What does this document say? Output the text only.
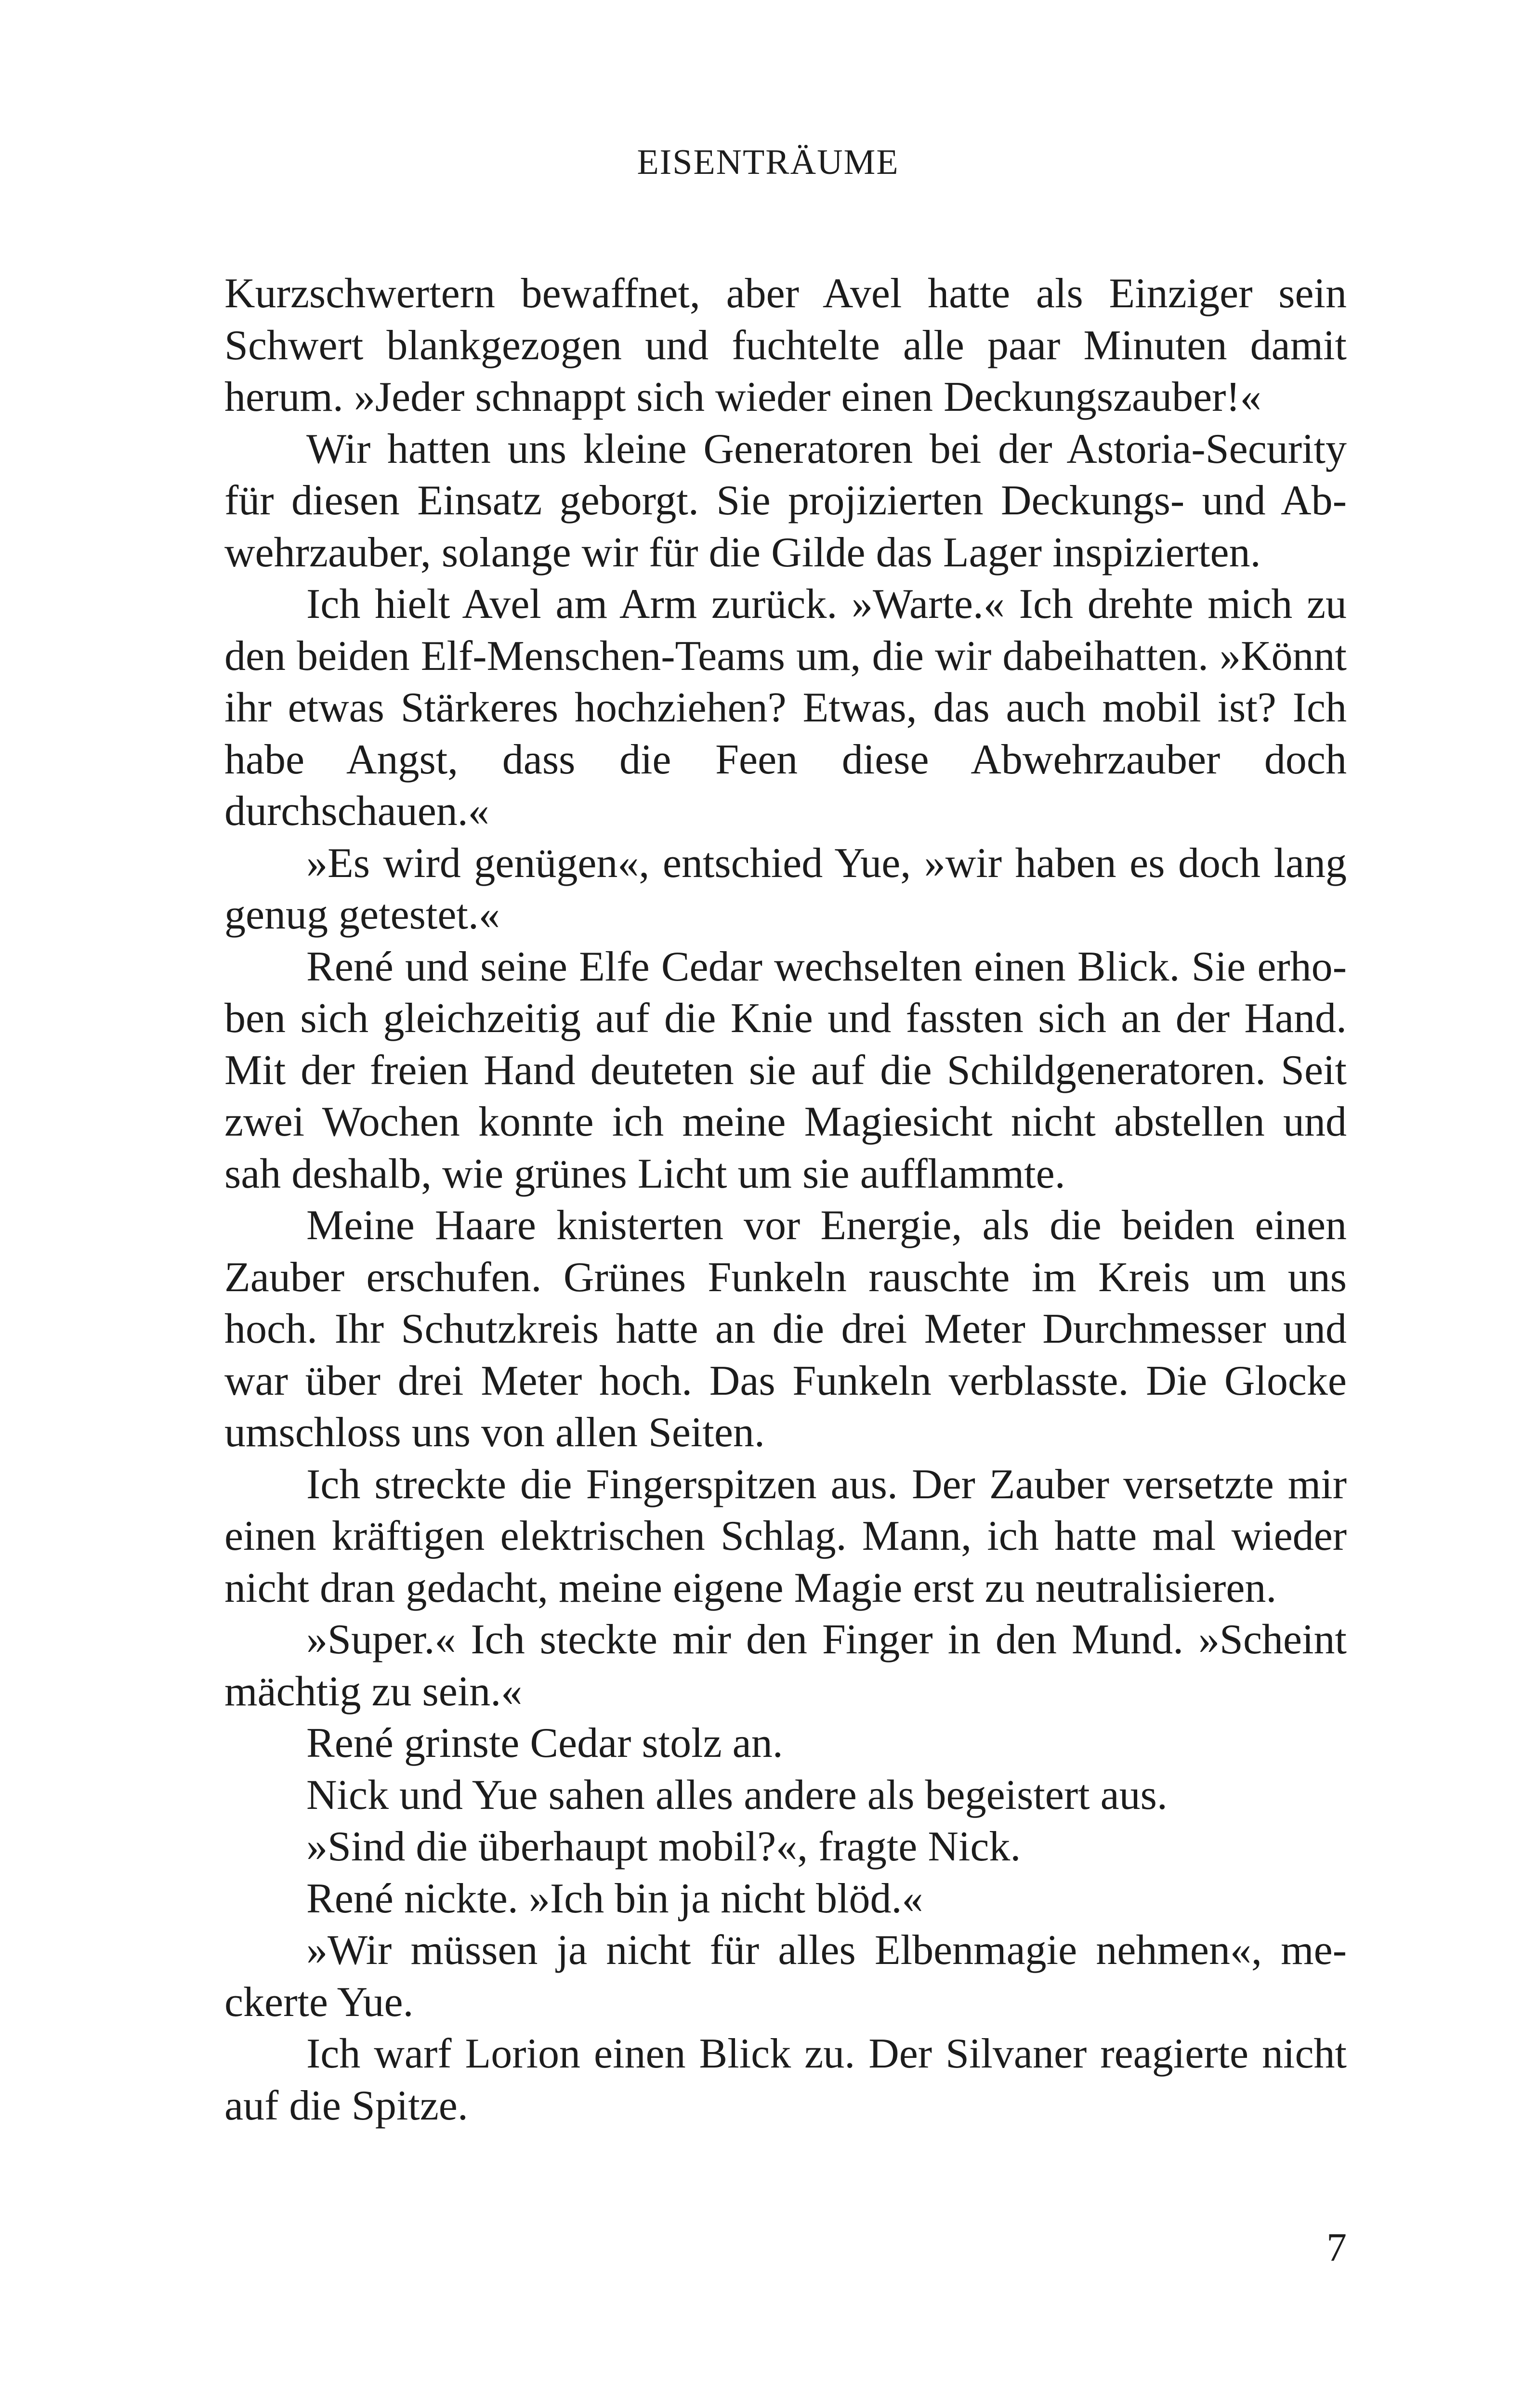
EISENTRÄUME

Kurzschwertern bewaffnet, aber Avel hatte als Einziger sein Schwert blankgezogen und fuchtelte alle paar Minuten damit herum. »Jeder schnappt sich wieder einen Deckungszauber!«

Wir hatten uns kleine Generatoren bei der Astoria-Security für diesen Einsatz geborgt. Sie projizierten Deckungs- und Abwehrzauber, solange wir für die Gilde das Lager inspizierten.

Ich hielt Avel am Arm zurück. »Warte.« Ich drehte mich zu den beiden Elf-Menschen-Teams um, die wir dabeihatten. »Könnt ihr etwas Stärkeres hochziehen? Etwas, das auch mobil ist? Ich habe Angst, dass die Feen diese Abwehrzauber doch durchschauen.«

»Es wird genügen«, entschied Yue, »wir haben es doch lang genug getestet.«

René und seine Elfe Cedar wechselten einen Blick. Sie erhoben sich gleichzeitig auf die Knie und fassten sich an der Hand. Mit der freien Hand deuteten sie auf die Schildgeneratoren. Seit zwei Wochen konnte ich meine Magiesicht nicht abstellen und sah deshalb, wie grünes Licht um sie aufflammte.

Meine Haare knisterten vor Energie, als die beiden einen Zauber erschufen. Grünes Funkeln rauschte im Kreis um uns hoch. Ihr Schutzkreis hatte an die drei Meter Durchmesser und war über drei Meter hoch. Das Funkeln verblasste. Die Glocke umschloss uns von allen Seiten.

Ich streckte die Fingerspitzen aus. Der Zauber versetzte mir einen kräftigen elektrischen Schlag. Mann, ich hatte mal wieder nicht dran gedacht, meine eigene Magie erst zu neutralisieren.

»Super.« Ich steckte mir den Finger in den Mund. »Scheint mächtig zu sein.«

René grinste Cedar stolz an.

Nick und Yue sahen alles andere als begeistert aus.

»Sind die überhaupt mobil?«, fragte Nick.

René nickte. »Ich bin ja nicht blöd.«

»Wir müssen ja nicht für alles Elbenmagie nehmen«, meckerte Yue.

Ich warf Lorion einen Blick zu. Der Silvaner reagierte nicht auf die Spitze.

7
